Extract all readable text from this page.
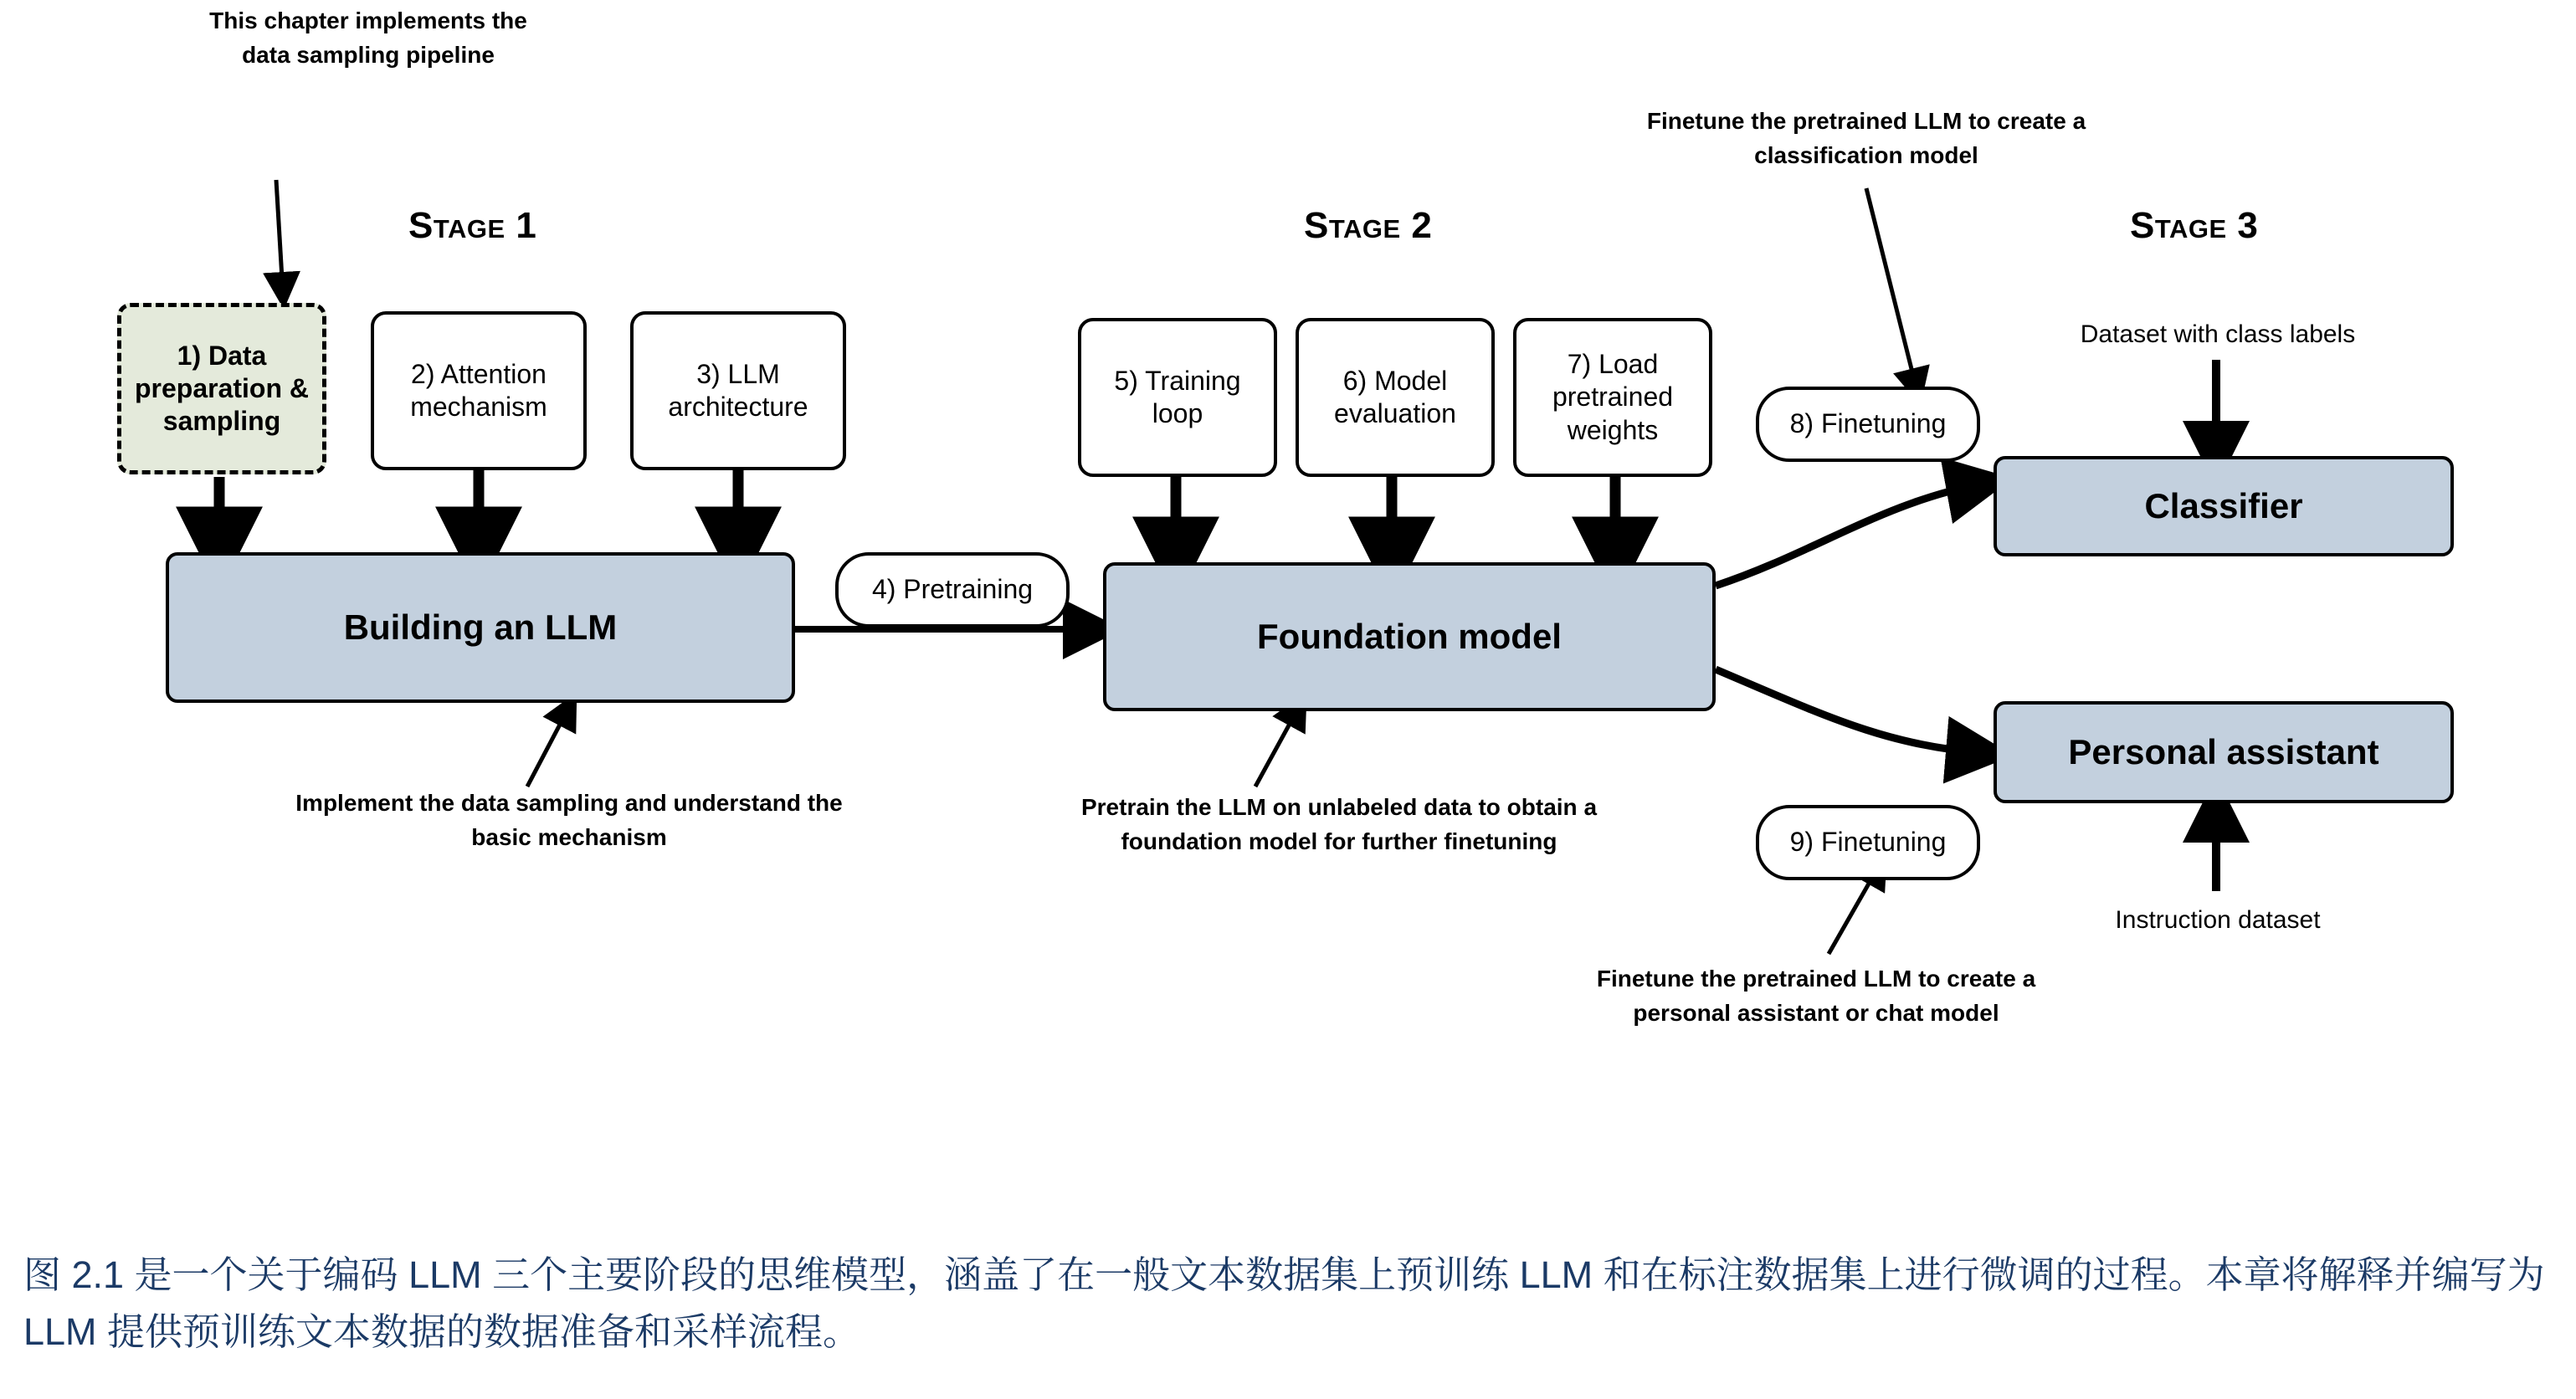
Stage 1	Stage 2	Stage 3
This chapter implements the data sampling pipeline
Finetune the pretrained LLM to create a classification model
Implement the data sampling and understand the basic mechanism
Pretrain the LLM on unlabeled data to obtain a foundation model for further finetuning
Finetune the pretrained LLM to create a personal assistant or chat model
Dataset with class labels
Instruction dataset
1) Data preparation & sampling
2) Attention mechanism
3) LLM architecture
Building an LLM
4) Pretraining
5) Training loop
6) Model evaluation
7) Load pretrained weights
Foundation model
8) Finetuning
9) Finetuning
Classifier
Personal assistant
图 2.1 是一个关于编码 LLM 三个主要阶段的思维模型，涵盖了在一般文本数据集上预训练 LLM 和在标注数据集上进行微调的过程。本章将解释并编写为 LLM 提供预训练文本数据的数据准备和采样流程。
